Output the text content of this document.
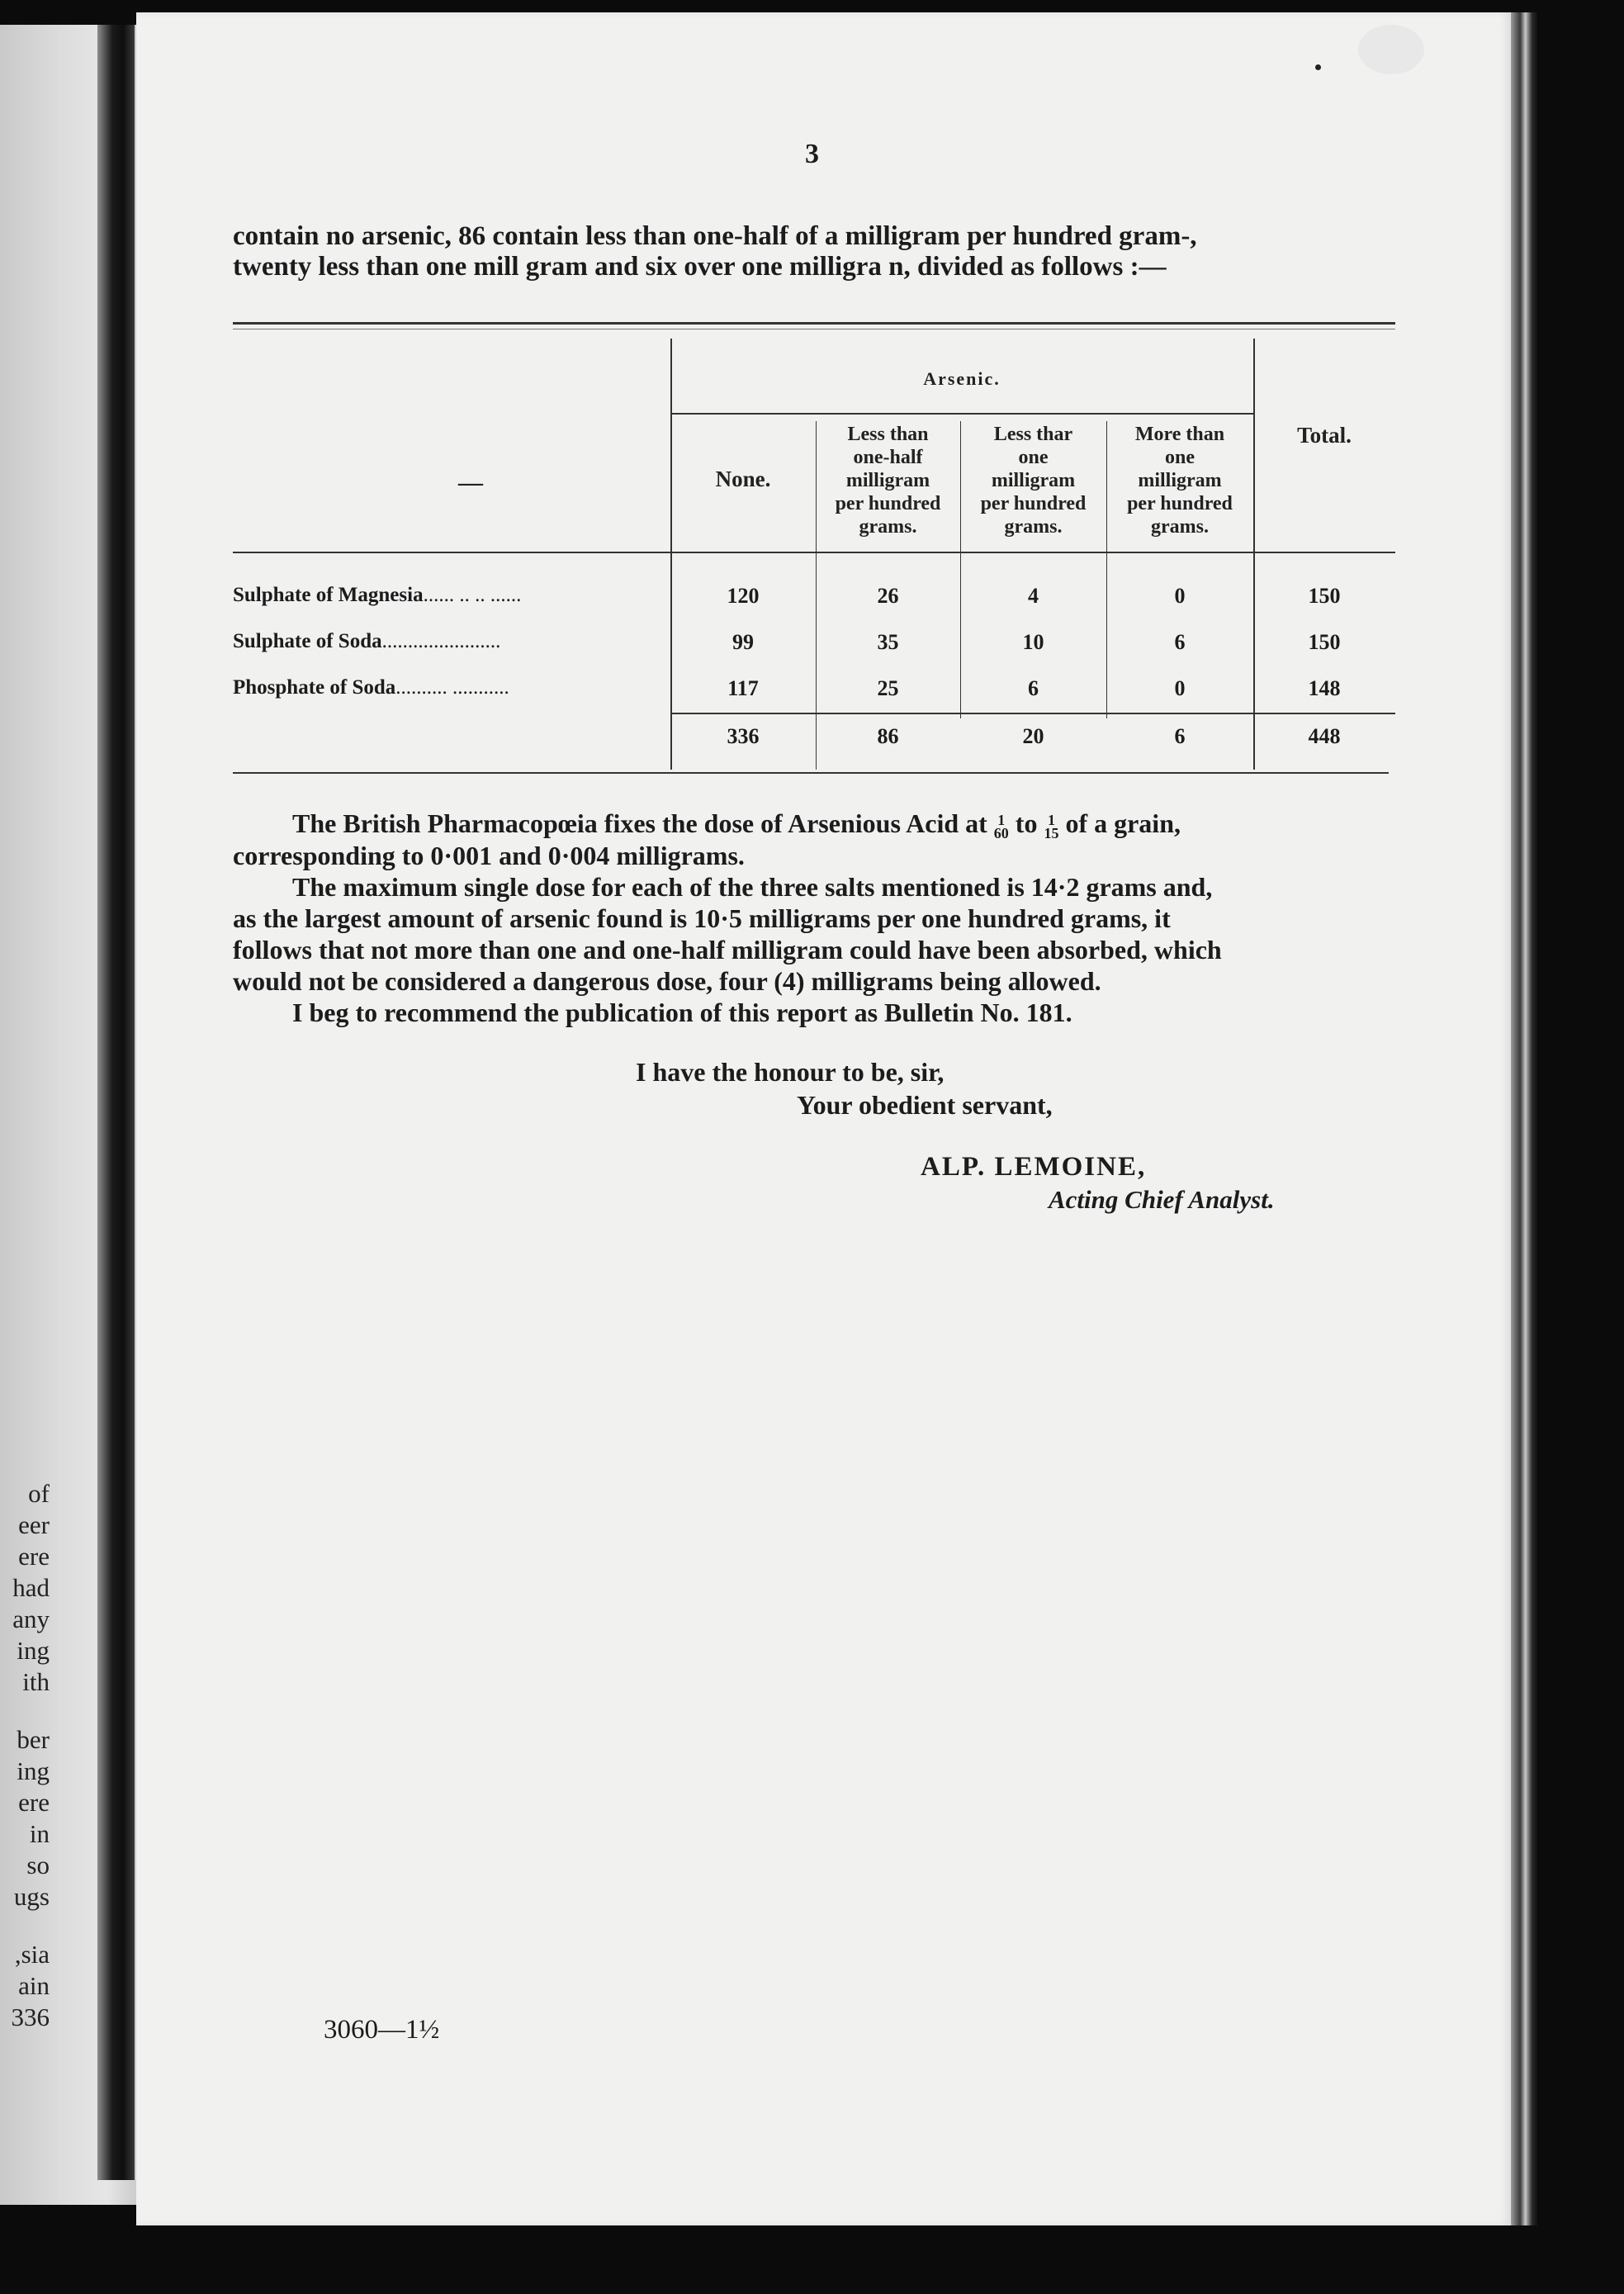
of
eer
ere
had
any
ing
ith
ber
ing
ere
in
so
ugs
sia,
ain
336
3
contain no arsenic, 86 contain less than one-half of a milligram per hundred gram-,
twenty less than one mill gram and six over one milligra n, divided as follows :—
Arsenic.
—	None.
Less than
one-half
milligram
per hundred
grams.
Less thar
one
milligram
per hundred
grams.
More than
one
milligram
per hundred
grams.
Total.
Sulphate of Magnesia...... .. .. ......	120	26	4	0	150
Sulphate of Soda.......................	99	35	10	6	150
Phosphate of Soda.......... ...........	117	25	6	0	148
336	86	20	6	448
The British Pharmacopœia fixes the dose of Arsenious Acid at 1
60 to 1
15 of a grain,
corresponding to 0·001 and 0·004 milligrams.
The maximum single dose for each of the three salts mentioned is 14·2 grams and,
as the largest amount of arsenic found is 10·5 milligrams per one hundred grams, it
follows that not more than one and one-half milligram could have been absorbed, which
would not be considered a dangerous dose, four (4) milligrams being allowed.
I beg to recommend the publication of this report as Bulletin No. 181.
I have the honour to be, sir,
Your obedient servant,
ALP. LEMOINE,
Acting Chief Analyst.
3060—1½
